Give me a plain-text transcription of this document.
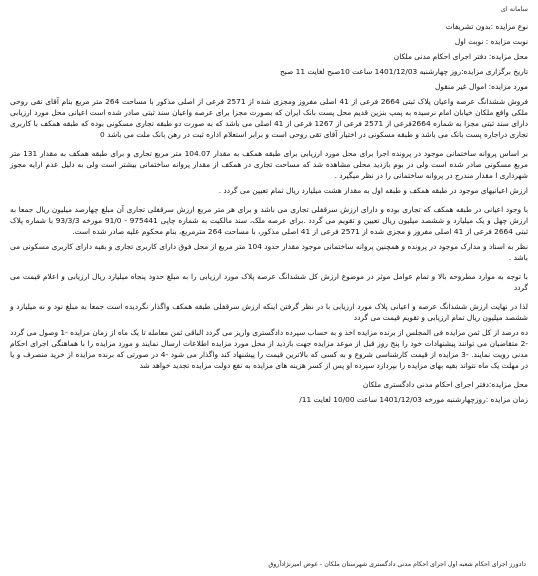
سامانه ای

نوع مزایده :بدون تشریفات

نوبت مزایده : نوبت اول

محل مزایده: دفتر اجرای احکام مدنی ملکان

تاریخ برگزاری مزایده:روز چهارشنبه 1401/12/03 ساعت 10صبح لغایت 11 صبح

مورد مزایده: اموال غیر منقول

فروش ششدانگ عرصه واعیان پلاک ثبتی 2664 فرعی از 41 اصلی مفروز ومجزی شده از 2571 فرعی از اصلی مذکور با مساحت 264 متر مربع بنام آقای تقی روحی ملکی واقع ملکان خیابان امام نرسیده به پمپ بنزین قدیم محل پست بانک ایران که بصورت مجزا برای عرصه واعیان سند ثبتی صادر شده است اعیانی محل مورد ارزیابی دارای سند ثبتی مجزا به شماره 2664فرعی از 2571 فرعی از 1267 فرعی از 41 اصلی می باشد که به صورت دو طبقه تجاری مسکونی بوده که طبقه همکف با کاربری تجاری دراجاره پست بانک می باشد و طبقه مسکونی در اختیار آقای تقی روحی است و برابر استعلام اداره ثبت در رهن بانک ملت می باشد 0

بر اساس پروانه ساختمانی موجود در پرونده اجرا برای محل مورد ارزیابی برای طبقه همکف به مقدار 104.07 متر مربع تجاری و برای طبقه همکف به مقدار 131 متر مربع مسکونی صادر شده است ولی در بوم بازدید محلی مشاهده شد که مساحت تجاری در همکف از مقدار پروانه ساختمانی بیشتر است ولی به دلیل عدم ارایه مجوز شهرداری ا مقدار مندرج در پروانه ساختمانی را در نظر میگیرد .

ارزش اعیانیهای موجود در طبقه همکف و طبقه اول به مقدار هشت میلیارد ریال تمام تعیین می گردد .

با وجود اعیانی در طبقه همکف که تجاری بوده و دارای ارزش سرقفلی تجاری می باشد و برای هر متر مربع ارزش سرقفلی تجاری آن مبلغ چهارصد میلیون ریال جمعا به ارزش چهل و یک میلیارد و ششصد میلیون ریال تعیین و تقویم می گردد .برای عرصه ملک، سند مالکیت به شماره چاپی 975441 - 91/0 مورخه 93/3/3 با شماره پلاک ثبتی 2664 فرعی از 41 اصلی مفروز و مجزی شده از 2571 فرعی از 41 اصلی مذکور، با مساحت 264 مترمربع، بنام محکوم علیه صادر شده است.

نظر به اسناد و مدارک موجود در پرونده و همچنین پروانه ساختمانی موجود مقدار حدود 104 متر مربع از محل فوق دارای کاربری تجاری و بقیه دارای کاربری مسکونی می باشد .

با توجه به موارد مطروحه بالا و تمام عوامل موثر در موضوع ارزش کل ششدانگ عرصه پلاک مورد ارزیابی را به مبلغ حدود پنجاه میلیارد ریال ارزیابی و اعلام قیمت می گردد

لذا در نهایت ارزش ششدانگ عرصه و اعیانی پلاک مورد ارزیابی با در نظر گرفتن اینکه ارزش سرقفلی طبقه همکف واگذار نگردیده است جمعا به مبلغ نود و نه میلیارد و ششصد میلیون ریال تمام ارزیابی و تقویم قیمت می گردد

ده درصد از کل ثمن مزایده فی المجلس از برنده مزایده اخذ و به حساب سپرده دادگستری واریز می گردد الباقی ثمن معامله تا یک ماه از زمان مزایده -1 وصول می گردد -2 متقاضیان می توانند پیشنهادات خود را پنج روز قبل از موعد مزایده جهت بازدید از محل مورد مزایده اطلاعات ارسال نمایند و مورد مزایده را با هماهنگی اجرای احکام مدنی رویت نمایند. -3 مزایده از قیمت کارشناسی شروع و به کسی که بالاترین قیمت را پیشنهاد کند واگذار می شود -4 در صورتی که برنده مزایده از خرید منصرف و یا در مهلت یک ماه نتواند بقیه بهای مزایده را بپردازد سپرده او پس از کسر هزینه های مزایده به نفع دولت مزایده تجدید خواهد شد

محل مزایده:دفتر اجرای احکام مدنی دادگستری ملکان

زمان مزایده :روزچهارشنبه مورخه 1401/12/03 ساعت 10/00 لغایت 11/

دادورز اجرای احکام شعبه اول اجرای احکام مدنی دادگستری شهرستان ملکان - عوض امیرنژادآروق
